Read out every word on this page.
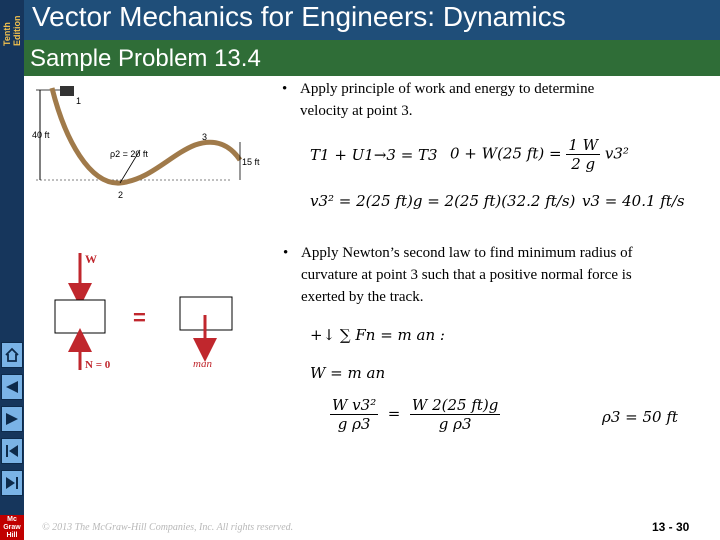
Tenth Edition
Mc Graw Hill
Vector Mechanics for Engineers: Dynamics
Sample Problem 13.4
40 ft
15 ft
ρ2 = 20 ft
1
2
3
• Apply principle of work and energy to determine
velocity at point 3.
T1 + U1→3 = T3 0 + W(25 $ft) = \frac{1 W}{2 g} v3^2$
v3² = 2(25 ft)g = 2(25 ft)(32.2 ft/s) v3 = 40.1 ft/s
W
=
N = 0	man
• Apply Newton’s second law to find minimum radius of
curvature at point 3 such that a positive normal force is
exerted by the track.
+↓ ∑ Fn = m an :
W = m an
$\frac{\text{W v3²}}{\text{g ρ3}} = \frac{W 2(25 ft)g}{\text{g ρ3}}$	ρ3 = 50 ft
© 2013 The McGraw-Hill Companies, Inc. All rights reserved.	13 - 30
